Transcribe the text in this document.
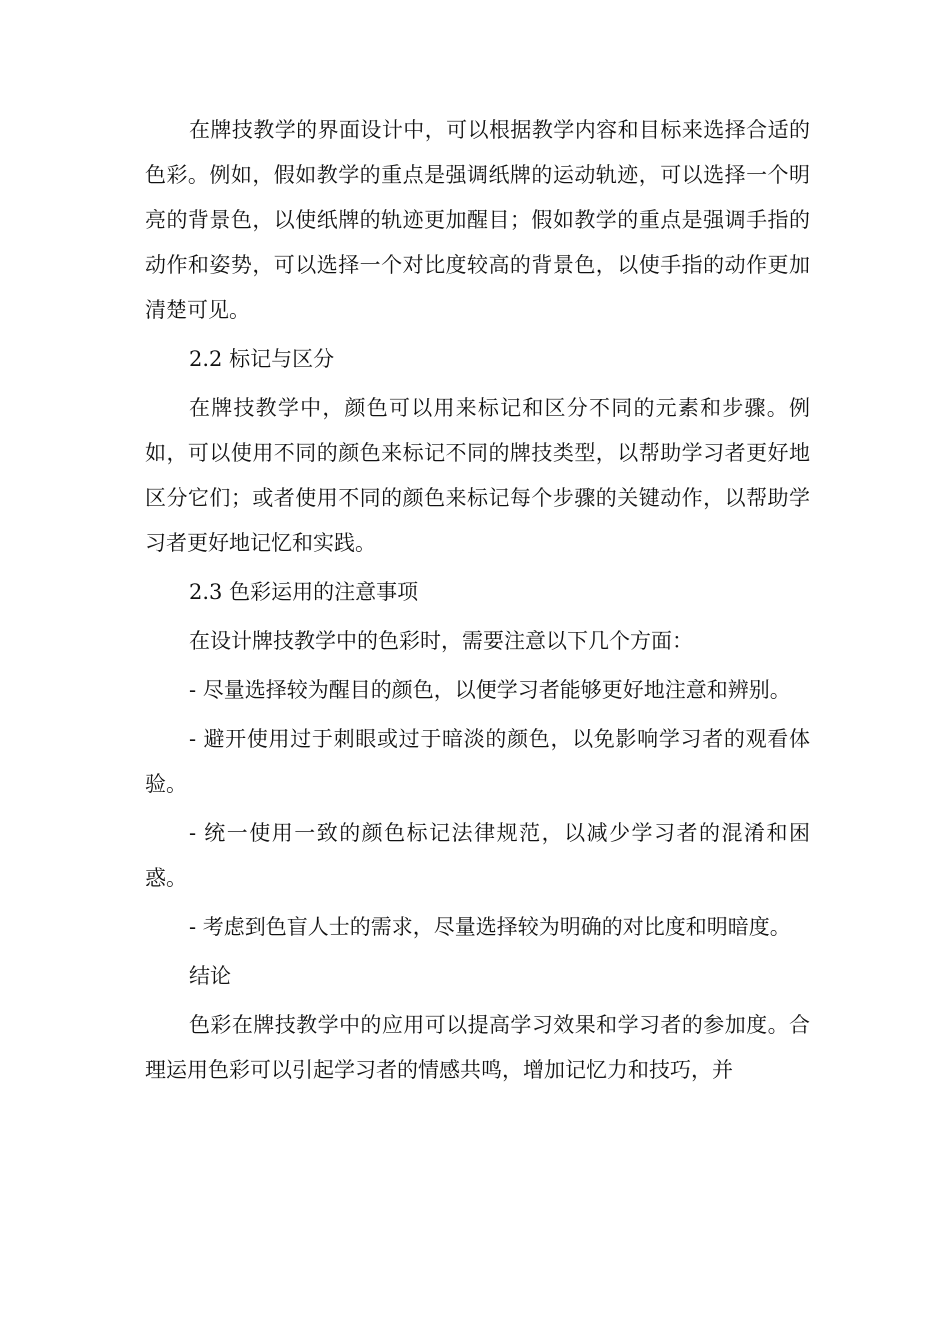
在牌技教学的界面设计中，可以根据教学内容和目标来选择合适的色彩。例如，假如教学的重点是强调纸牌的运动轨迹，可以选择一个明亮的背景色，以使纸牌的轨迹更加醒目；假如教学的重点是强调手指的动作和姿势，可以选择一个对比度较高的背景色，以使手指的动作更加清楚可见。

2.2 标记与区分

在牌技教学中，颜色可以用来标记和区分不同的元素和步骤。例如，可以使用不同的颜色来标记不同的牌技类型，以帮助学习者更好地区分它们；或者使用不同的颜色来标记每个步骤的关键动作，以帮助学习者更好地记忆和实践。

2.3 色彩运用的注意事项

在设计牌技教学中的色彩时，需要注意以下几个方面：

- 尽量选择较为醒目的颜色，以便学习者能够更好地注意和辨别。

- 避开使用过于刺眼或过于暗淡的颜色，以免影响学习者的观看体验。

- 统一使用一致的颜色标记法律规范，以减少学习者的混淆和困惑。

- 考虑到色盲人士的需求，尽量选择较为明确的对比度和明暗度。

结论

色彩在牌技教学中的应用可以提高学习效果和学习者的参加度。合理运用色彩可以引起学习者的情感共鸣，增加记忆力和技巧，并
